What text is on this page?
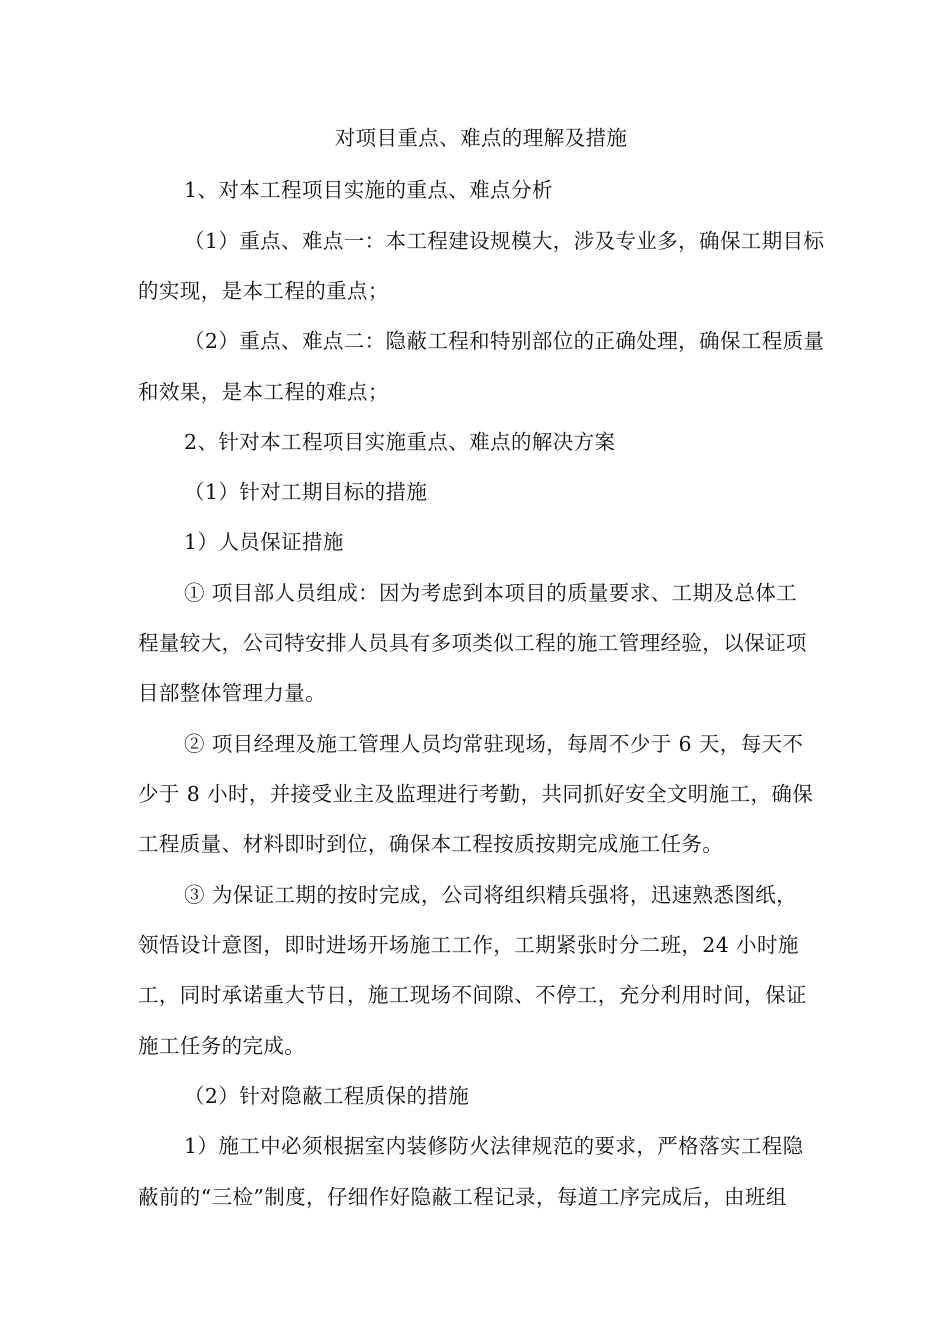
对项目重点、难点的理解及措施
1、对本工程项目实施的重点、难点分析
（1）重点、难点一：本工程建设规模大，涉及专业多，确保工期目标
的实现，是本工程的重点；
（2）重点、难点二：隐蔽工程和特别部位的正确处理，确保工程质量
和效果，是本工程的难点；
2、针对本工程项目实施重点、难点的解决方案
（1）针对工期目标的措施
1）人员保证措施
① 项目部人员组成：因为考虑到本项目的质量要求、工期及总体工
程量较大，公司特安排人员具有多项类似工程的施工管理经验，以保证项
目部整体管理力量。
② 项目经理及施工管理人员均常驻现场，每周不少于 6 天，每天不
少于 8 小时，并接受业主及监理进行考勤，共同抓好安全文明施工，确保
工程质量、材料即时到位，确保本工程按质按期完成施工任务。
③ 为保证工期的按时完成，公司将组织精兵强将，迅速熟悉图纸，
领悟设计意图，即时进场开场施工工作，工期紧张时分二班，24 小时施
工，同时承诺重大节日，施工现场不间隙、不停工，充分利用时间，保证
施工任务的完成。
（2）针对隐蔽工程质保的措施
1）施工中必须根据室内装修防火法律规范的要求，严格落实工程隐
蔽前的“三检”制度，仔细作好隐蔽工程记录，每道工序完成后，由班组
